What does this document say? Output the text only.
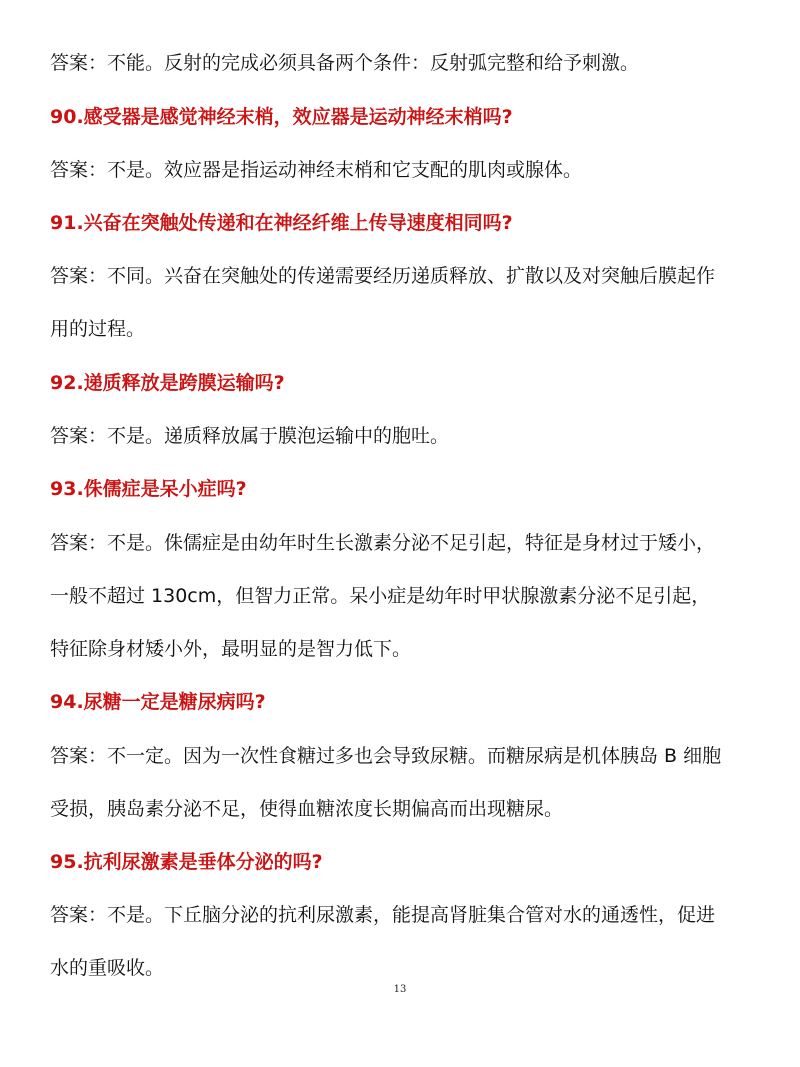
答案：不能。反射的完成必须具备两个条件：反射弧完整和给予刺激。

90.感受器是感觉神经末梢，效应器是运动神经末梢吗?

答案：不是。效应器是指运动神经末梢和它支配的肌肉或腺体。

91.兴奋在突触处传递和在神经纤维上传导速度相同吗?

答案：不同。兴奋在突触处的传递需要经历递质释放、扩散以及对突触后膜起作

用的过程。

92.递质释放是跨膜运输吗?

答案：不是。递质释放属于膜泡运输中的胞吐。

93.侏儒症是呆小症吗?

答案：不是。侏儒症是由幼年时生长激素分泌不足引起，特征是身材过于矮小，

一般不超过 130cm，但智力正常。呆小症是幼年时甲状腺激素分泌不足引起，

特征除身材矮小外，最明显的是智力低下。

94.尿糖一定是糖尿病吗?

答案：不一定。因为一次性食糖过多也会导致尿糖。而糖尿病是机体胰岛 B 细胞

受损，胰岛素分泌不足，使得血糖浓度长期偏高而出现糖尿。

95.抗利尿激素是垂体分泌的吗?

答案：不是。下丘脑分泌的抗利尿激素，能提高肾脏集合管对水的通透性，促进

水的重吸收。

13
